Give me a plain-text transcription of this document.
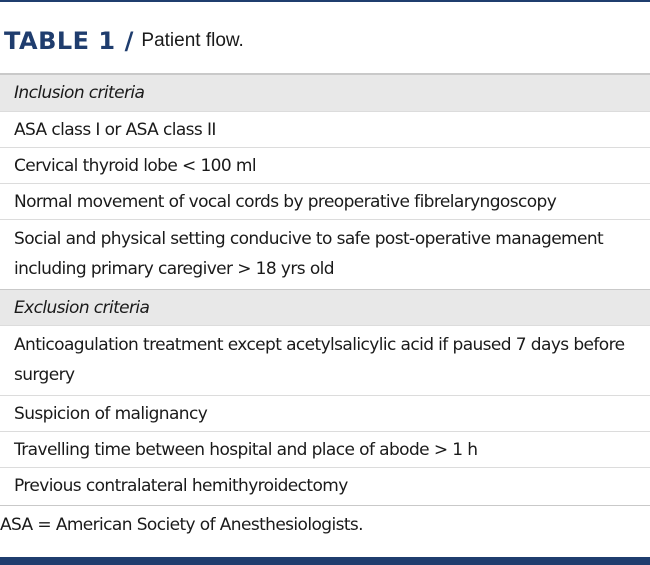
TABLE 1 / Patient flow.
Inclusion criteria
ASA class I or ASA class II
Cervical thyroid lobe < 100 ml
Normal movement of vocal cords by preoperative fibrelaryngoscopy
Social and physical setting conducive to safe post-operative management including primary caregiver > 18 yrs old
Exclusion criteria
Anticoagulation treatment except acetylsalicylic acid if paused 7 days before surgery
Suspicion of malignancy
Travelling time between hospital and place of abode > 1 h
Previous contralateral hemithyroidectomy
ASA = American Society of Anesthesiologists.
